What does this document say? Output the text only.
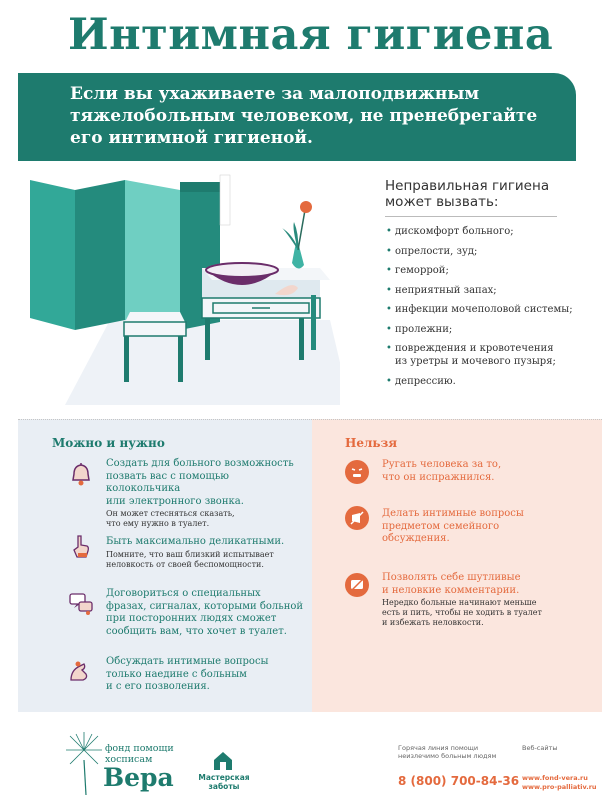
Интимная гигиена
Если вы ухаживаете за малоподвижным
тяжелобольным человеком, не пренебрегайте
его интимной гигиеной.
Неправильная гигиена
может вызвать:
• дискомфорт больного;
• опрелости, зуд;
• геморрой;
• неприятный запах;
• инфекции мочеполовой системы;
• пролежни;
• повреждения и кровотечения
из уретры и мочевого пузыря;
• депрессию.
Можно и нужно	Нельзя
Создать для больного возможность
позвать вас с помощью колокольчика
или электронного звонка.
Он может стесняться сказать,
что ему нужно в туалет.
Быть максимально деликатными.
Помните, что ваш близкий испытывает
неловкость от своей беспомощности.
Договориться о специальных
фразах, сигналах, которыми больной
при посторонних людях сможет
сообщить вам, что хочет в туалет.
Обсуждать интимные вопросы
только наедине с больным
и с его позволения.
Ругать человека за то,
что он испражнился.
Делать интимные вопросы
предметом семейного
обсуждения.
Позволять себе шутливые
и неловкие комментарии.
Нередко больные начинают меньше
есть и пить, чтобы не ходить в туалет
и избежать неловкости.
фонд помощи
хосписам
Вера	Мастерская
заботы
Горячая линия помощи
неизлечимо больным людям
8 (800) 700-84-36
Веб-сайты
www.fond-vera.ru
www.pro-palliativ.ru
